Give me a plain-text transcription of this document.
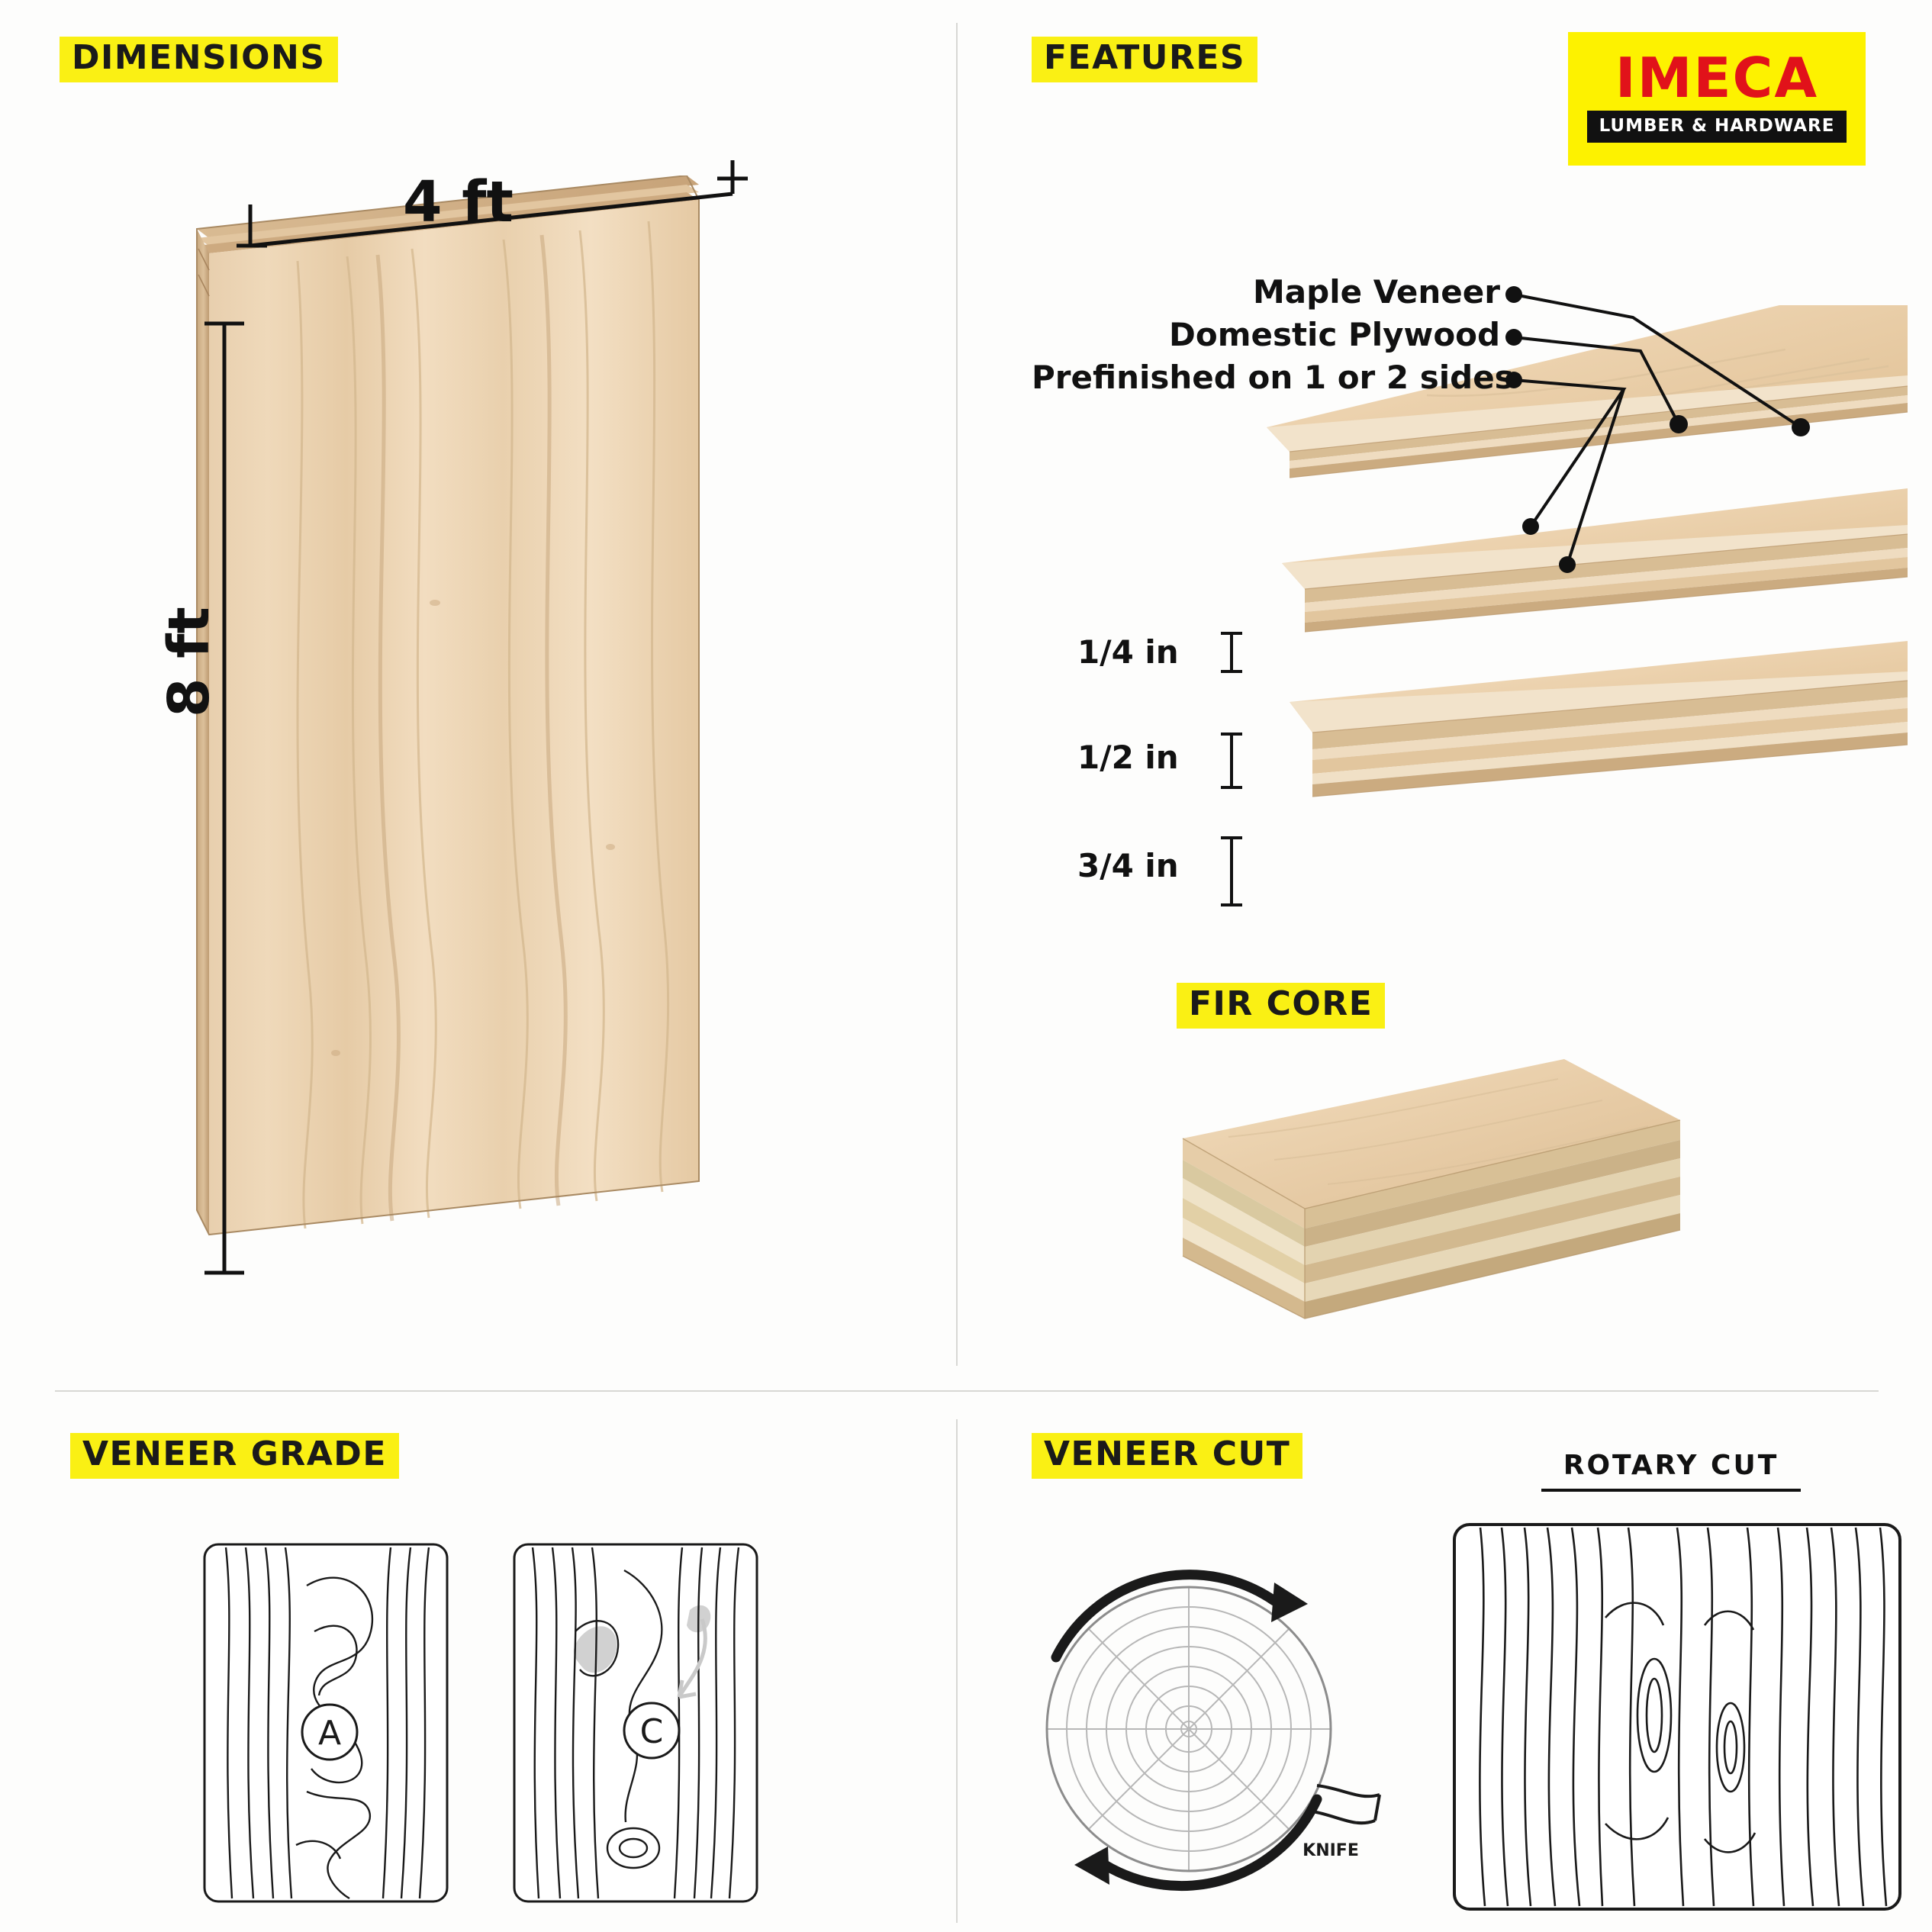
IMECA
LUMBER & HARDWARE
DIMENSIONS	FEATURES
VENEER GRADE	VENEER CUT
4 ft
8 ft
Maple Veneer
Domestic Plywood
Prefinished on 1 or 2 sides
1/4 in
1/2 in
3/4 in
FIR CORE
A	C
KNIFE
ROTARY CUT
